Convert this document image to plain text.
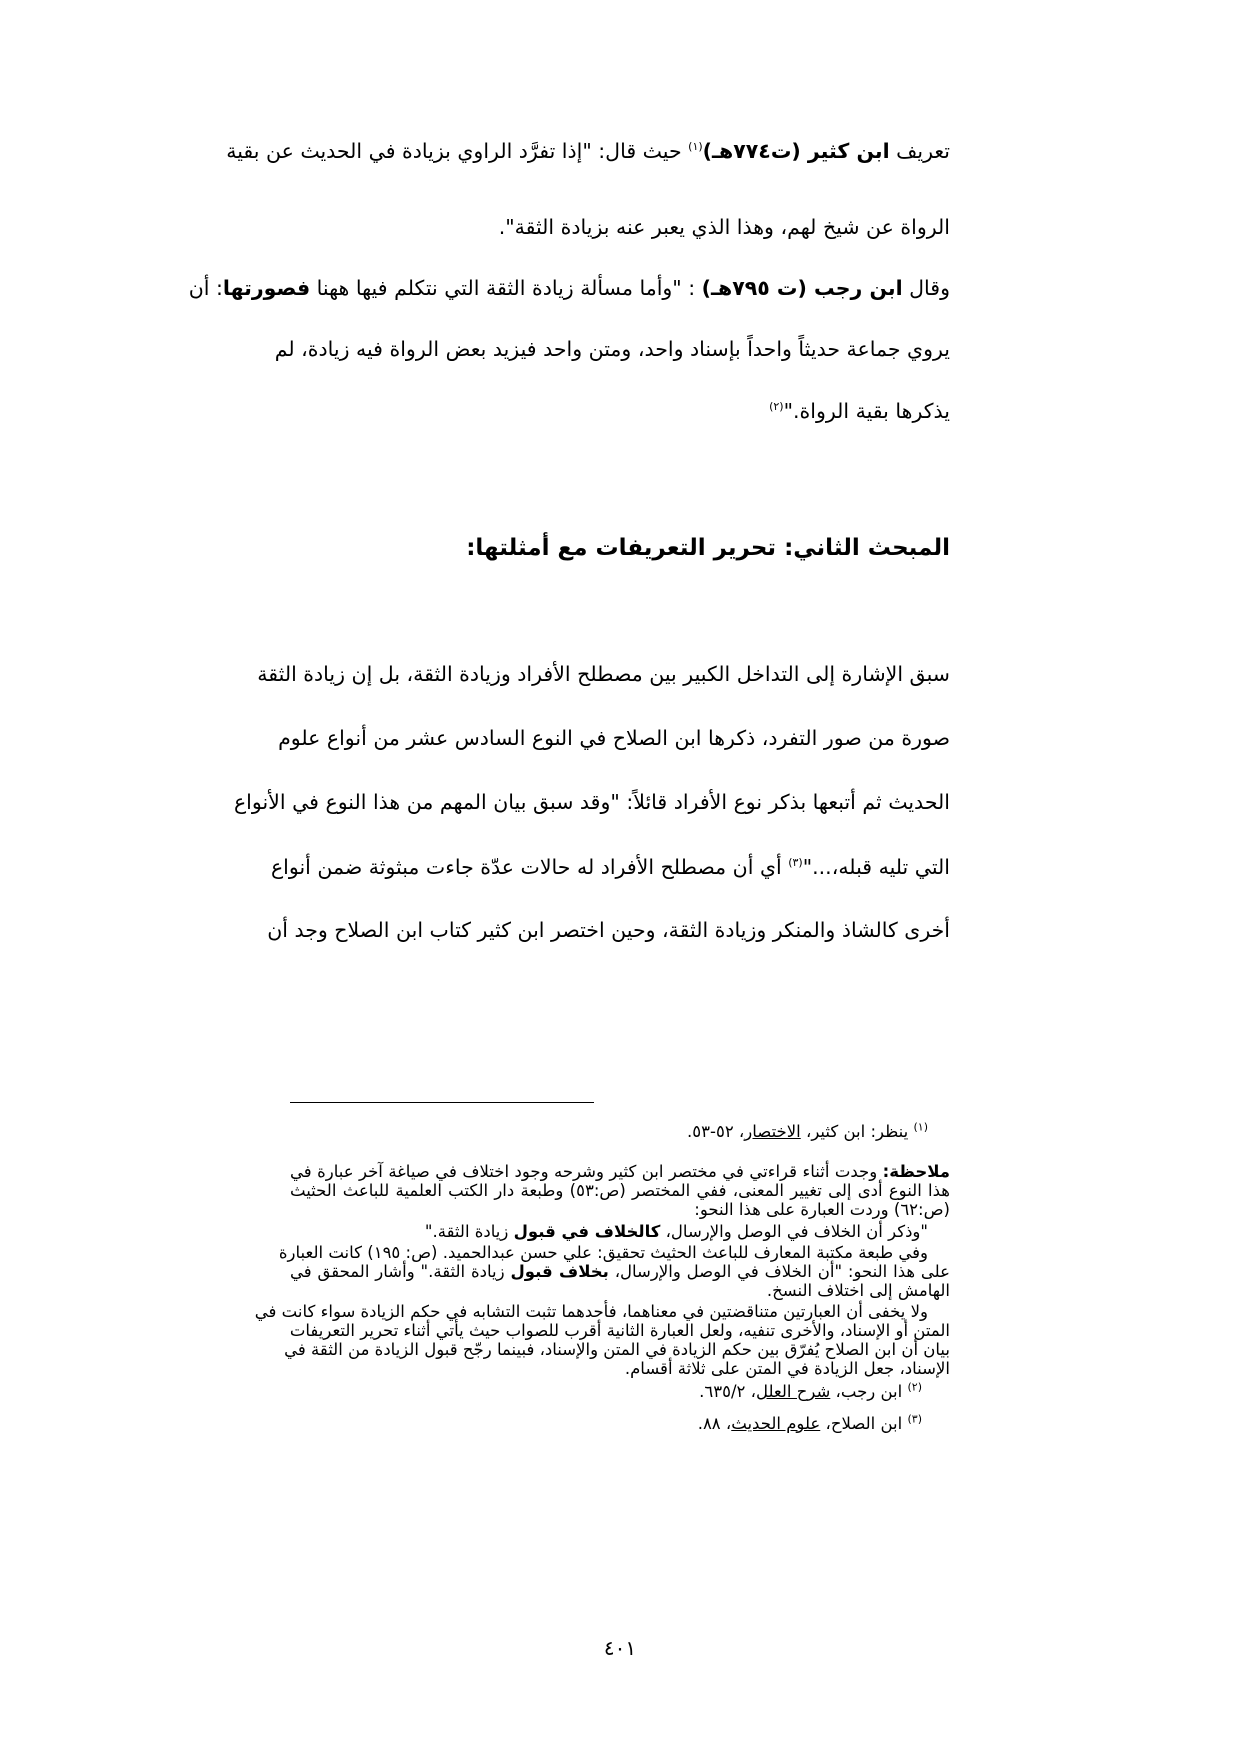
تعريف ابن كثير (ت٧٧٤هـ)$^{(١)}$ حيث قال: "إذا تفرَّد الراوي بزيادة في الحديث عن بقية

الرواة عن شيخ لهم، وهذا الذي يعبر عنه بزيادة الثقة".

وقال ابن رجب (ت ٧٩٥هـ) : "وأما مسألة زيادة الثقة التي نتكلم فيها ههنا فصورتها: أن

يروي جماعة حديثاً واحداً بإسناد واحد، ومتن واحد فيزيد بعض الرواة فيه زيادة، لم

يذكرها بقية الرواة."$^{(٢)}$

المبحث الثاني: تحرير التعريفات مع أمثلتها:

سبق الإشارة إلى التداخل الكبير بين مصطلح الأفراد وزيادة الثقة، بل إن زيادة الثقة

صورة من صور التفرد، ذكرها ابن الصلاح في النوع السادس عشر من أنواع علوم

الحديث ثم أتبعها بذكر نوع الأفراد قائلاً: "وقد سبق بيان المهم من هذا النوع في الأنواع

التي تليه قبله،..."$^{(٣)}$ أي أن مصطلح الأفراد له حالات عدّة جاءت مبثوثة ضمن أنواع

أخرى كالشاذ والمنكر وزيادة الثقة، وحين اختصر ابن كثير كتاب ابن الصلاح وجد أن

$^{(١)}$ ينظر: ابن كثير، الاختصار، ٥٢-٥٣.

ملاحظة: وجدت أثناء قراءتي في مختصر ابن كثير وشرحه وجود اختلاف في صياغة آخر عبارة في

هذا النوع أدى إلى تغيير المعنى، ففي المختصر (ص:٥٣) وطبعة دار الكتب العلمية للباعث الحثيث

(ص:٦٢) وردت العبارة على هذا النحو:

"وذكر أن الخلاف في الوصل والإرسال، كالخلاف في قبول زيادة الثقة."

وفي طبعة مكتبة المعارف للباعث الحثيث تحقيق: علي حسن عبدالحميد. (ص: ١٩٥) كانت العبارة

على هذا النحو: "أن الخلاف في الوصل والإرسال، بخلاف قبول زيادة الثقة." وأشار المحقق في

الهامش إلى اختلاف النسخ.

ولا يخفى أن العبارتين متناقضتين في معناهما، فأحدهما تثبت التشابه في حكم الزيادة سواء كانت في

المتن أو الإسناد، والأخرى تنفيه، ولعل العبارة الثانية أقرب للصواب حيث يأتي أثناء تحرير التعريفات

بيان أن ابن الصلاح يُفرّق بين حكم الزيادة في المتن والإسناد، فبينما رجّح قبول الزيادة من الثقة في

الإسناد، جعل الزيادة في المتن على ثلاثة أقسام.

$^{(٢)}$ ابن رجب، شرح العلل، ٦٣٥/٢.

$^{(٣)}$ ابن الصلاح، علوم الحديث، ٨٨.

٤٠١
